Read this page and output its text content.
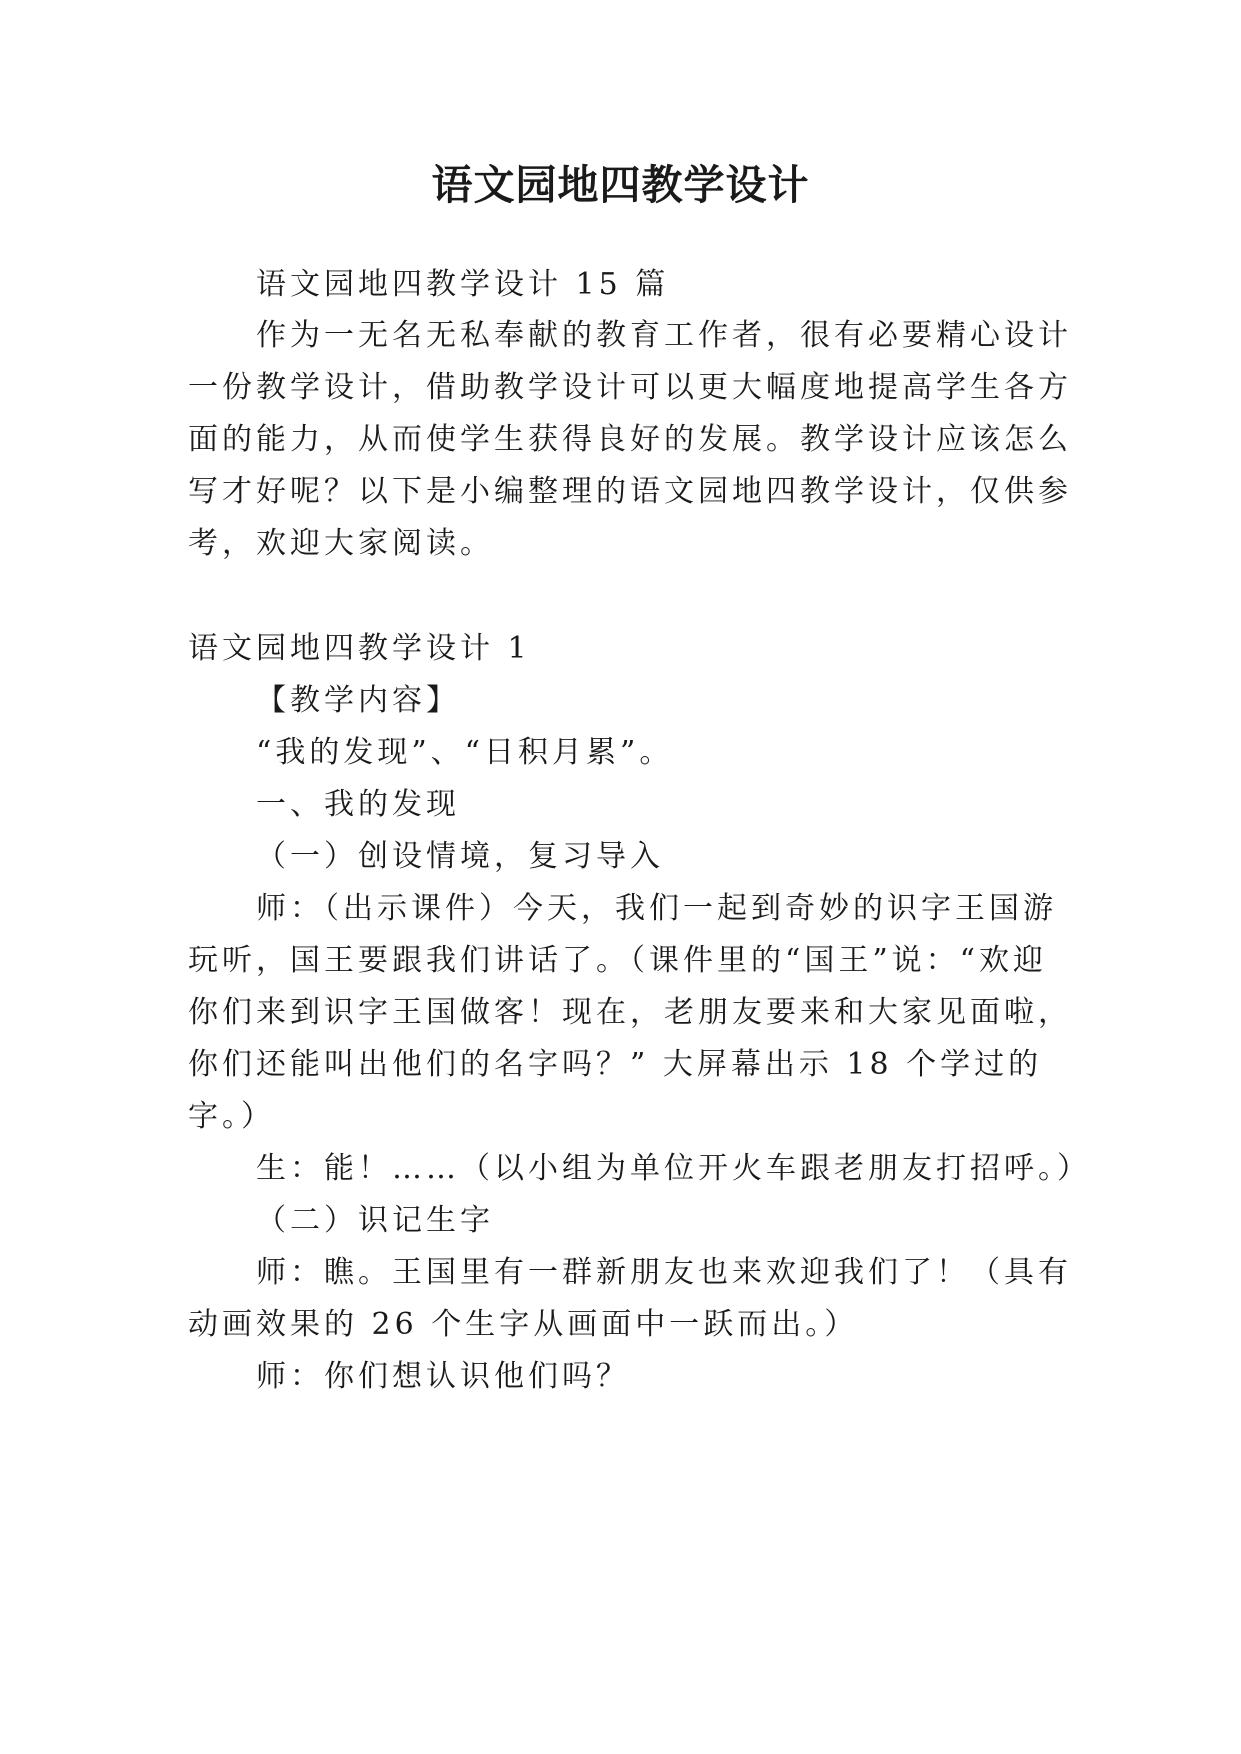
语文园地四教学设计
语文园地四教学设计 15 篇
作为一无名无私奉献的教育工作者，很有必要精心设计
一份教学设计，借助教学设计可以更大幅度地提高学生各方
面的能力，从而使学生获得良好的发展。教学设计应该怎么
写才好呢？以下是小编整理的语文园地四教学设计，仅供参
考，欢迎大家阅读。
语文园地四教学设计 1
【教学内容】
“我的发现”、“日积月累”。
一、我的发现
（一）创设情境，复习导入
师：（出示课件）今天，我们一起到奇妙的识字王国游
玩听，国王要跟我们讲话了。（课件里的“国王”说：“欢迎
你们来到识字王国做客！现在，老朋友要来和大家见面啦，
你们还能叫出他们的名字吗？” 大屏幕出示 18 个学过的
字。）
生：能！……（以小组为单位开火车跟老朋友打招呼。）
（二）识记生字
师：瞧。王国里有一群新朋友也来欢迎我们了！（具有
动画效果的 26 个生字从画面中一跃而出。）
师：你们想认识他们吗？
